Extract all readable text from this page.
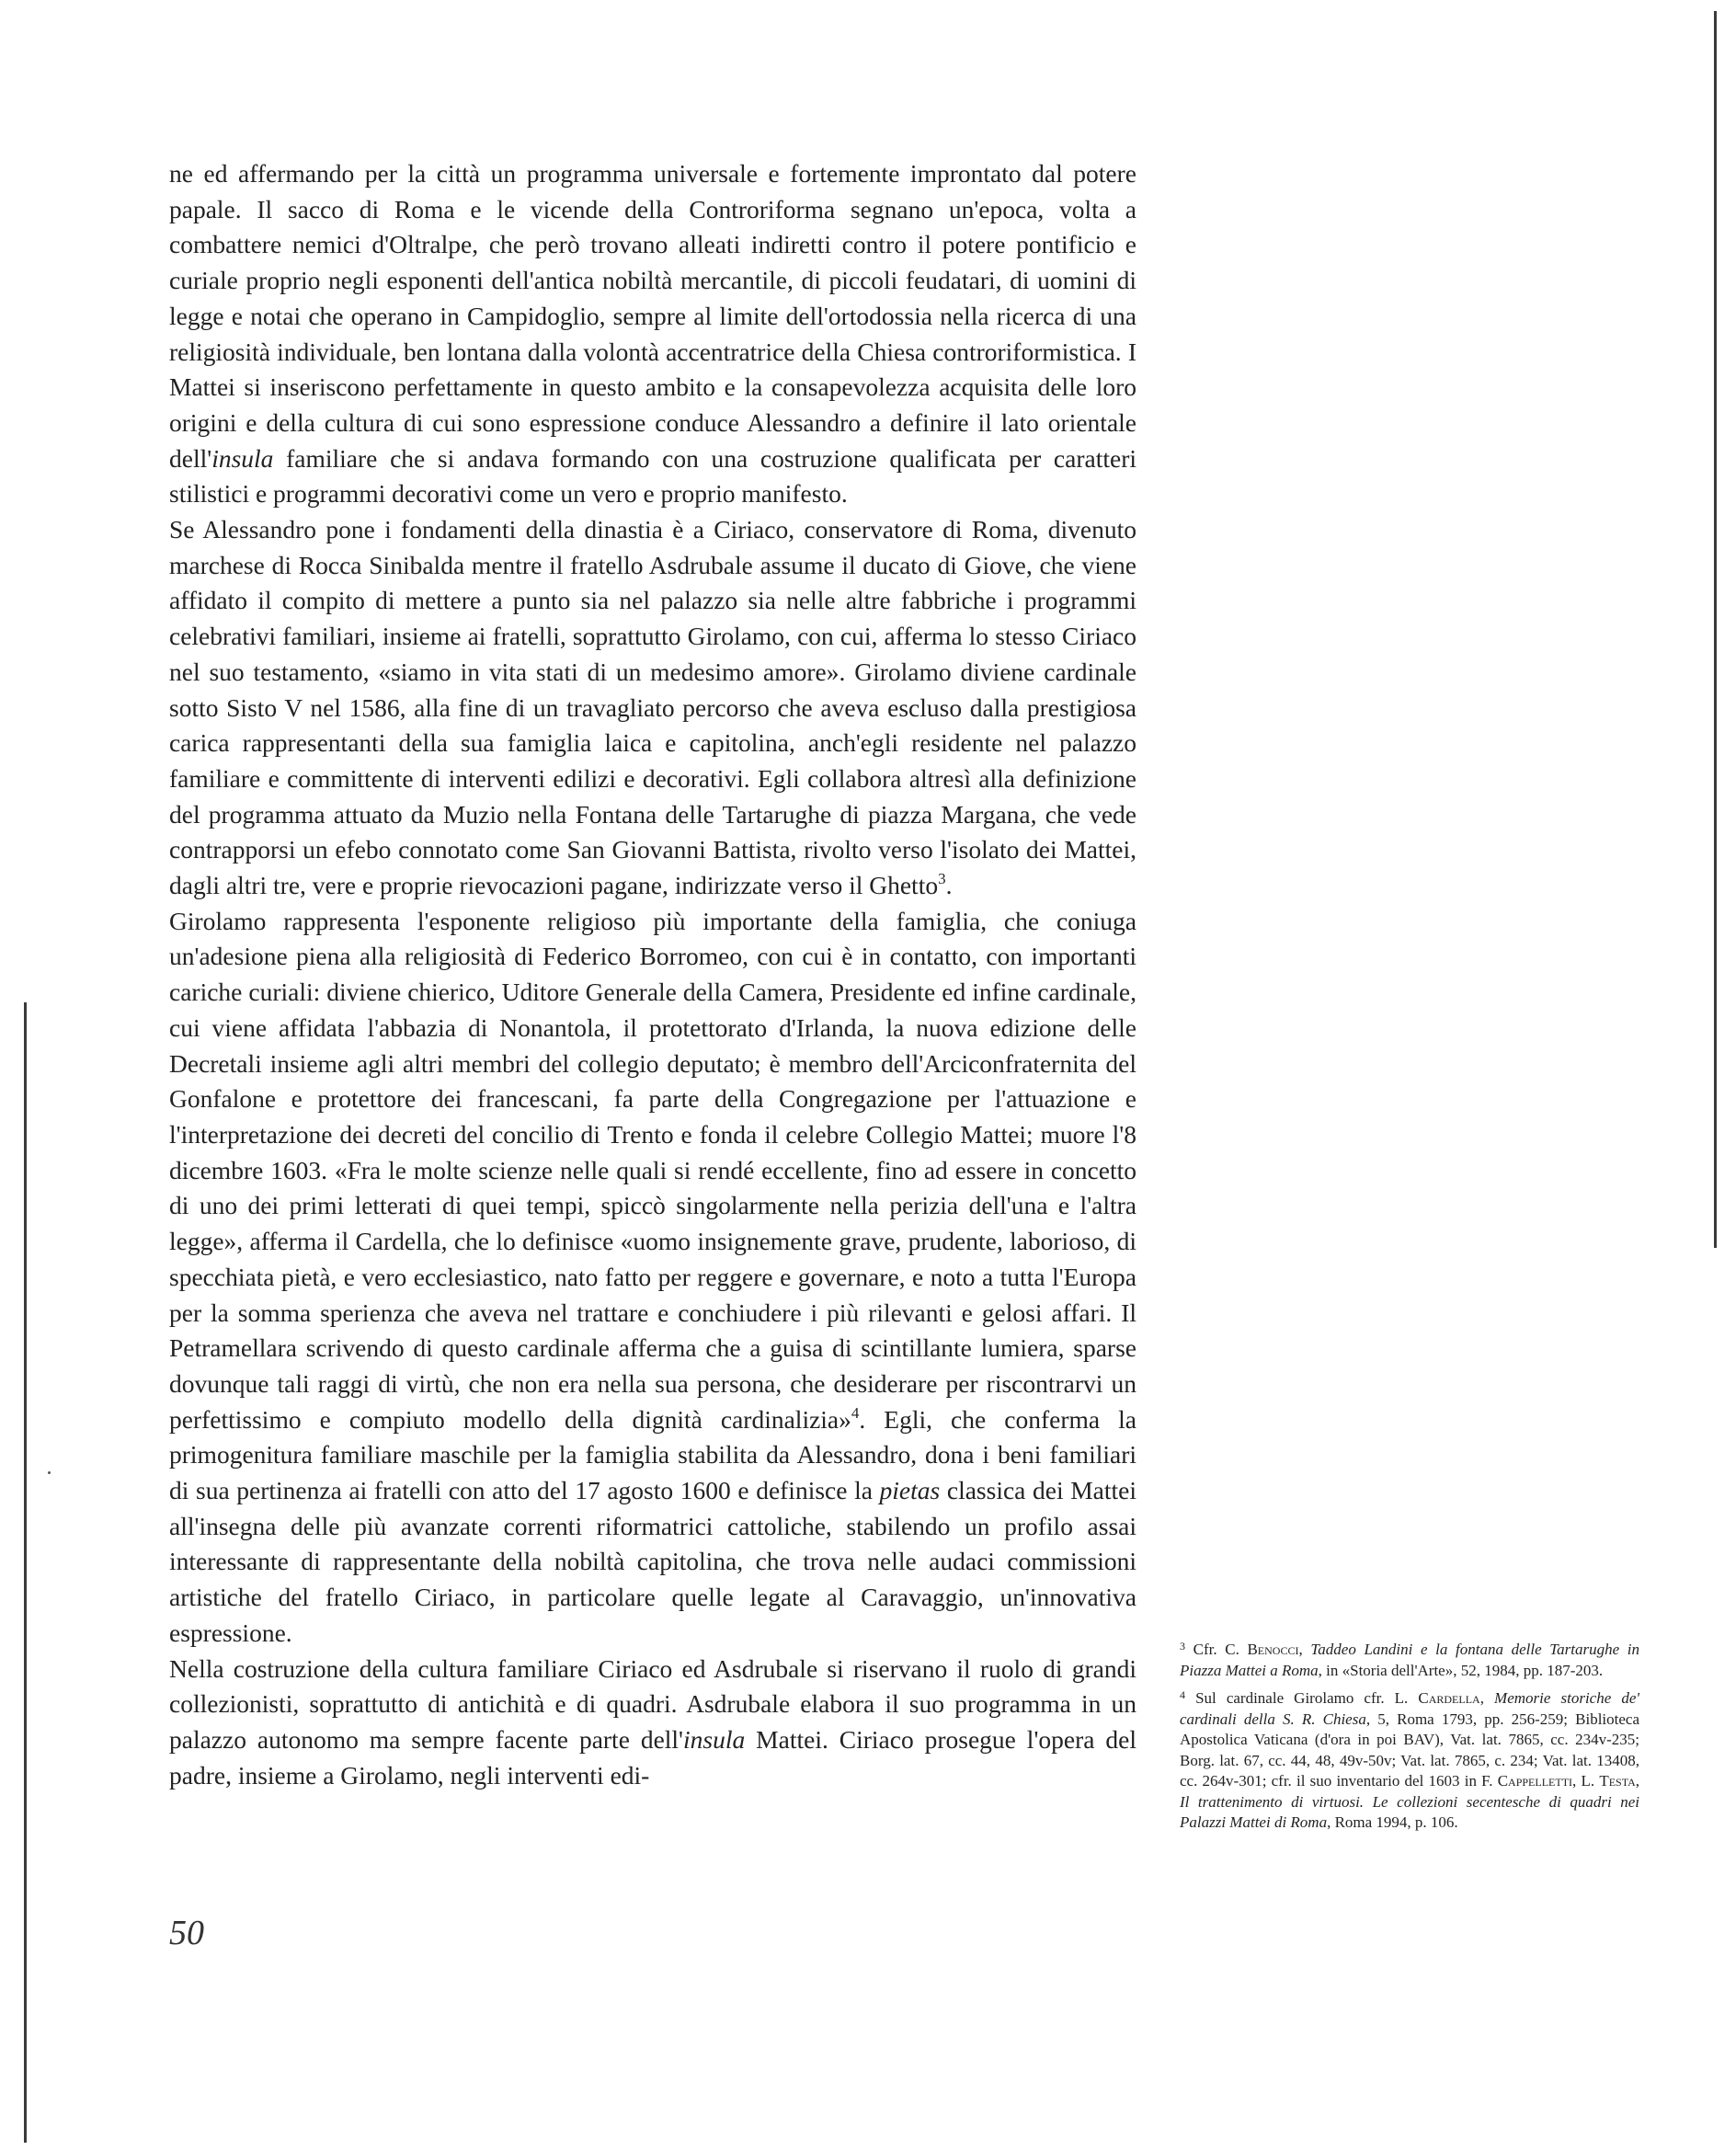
ne ed affermando per la città un programma universale e fortemente improntato dal potere papale. Il sacco di Roma e le vicende della Controriforma segnano un'epoca, volta a combattere nemici d'Oltralpe, che però trovano alleati indiretti contro il potere pontificio e curiale proprio negli esponenti dell'antica nobiltà mercantile, di piccoli feudatari, di uomini di legge e notai che operano in Campidoglio, sempre al limite dell'ortodossia nella ricerca di una religiosità individuale, ben lontana dalla volontà accentratrice della Chiesa controriformistica. I Mattei si inseriscono perfettamente in questo ambito e la consapevolezza acquisita delle loro origini e della cultura di cui sono espressione conduce Alessandro a definire il lato orientale dell'insula familiare che si andava formando con una costruzione qualificata per caratteri stilistici e programmi decorativi come un vero e proprio manifesto.

Se Alessandro pone i fondamenti della dinastia è a Ciriaco, conservatore di Roma, divenuto marchese di Rocca Sinibalda mentre il fratello Asdrubale assume il ducato di Giove, che viene affidato il compito di mettere a punto sia nel palazzo sia nelle altre fabbriche i programmi celebrativi familiari, insieme ai fratelli, soprattutto Girolamo, con cui, afferma lo stesso Ciriaco nel suo testamento, «siamo in vita stati di un medesimo amore». Girolamo diviene cardinale sotto Sisto V nel 1586, alla fine di un travagliato percorso che aveva escluso dalla prestigiosa carica rappresentanti della sua famiglia laica e capitolina, anch'egli residente nel palazzo familiare e committente di interventi edilizi e decorativi. Egli collabora altresì alla definizione del programma attuato da Muzio nella Fontana delle Tartarughe di piazza Margana, che vede contrapporsi un efebo connotato come San Giovanni Battista, rivolto verso l'isolato dei Mattei, dagli altri tre, vere e proprie rievocazioni pagane, indirizzate verso il Ghetto$^3$.

Girolamo rappresenta l'esponente religioso più importante della famiglia, che coniuga un'adesione piena alla religiosità di Federico Borromeo, con cui è in contatto, con importanti cariche curiali: diviene chierico, Uditore Generale della Camera, Presidente ed infine cardinale, cui viene affidata l'abbazia di Nonantola, il protettorato d'Irlanda, la nuova edizione delle Decretali insieme agli altri membri del collegio deputato; è membro dell'Arciconfraternita del Gonfalone e protettore dei francescani, fa parte della Congregazione per l'attuazione e l'interpretazione dei decreti del concilio di Trento e fonda il celebre Collegio Mattei; muore l'8 dicembre 1603. «Fra le molte scienze nelle quali si rendé eccellente, fino ad essere in concetto di uno dei primi letterati di quei tempi, spiccò singolarmente nella perizia dell'una e l'altra legge», afferma il Cardella, che lo definisce «uomo insignemente grave, prudente, laborioso, di specchiata pietà, e vero ecclesiastico, nato fatto per reggere e governare, e noto a tutta l'Europa per la somma sperienza che aveva nel trattare e conchiudere i più rilevanti e gelosi affari. Il Petramellara scrivendo di questo cardinale afferma che a guisa di scintillante lumiera, sparse dovunque tali raggi di virtù, che non era nella sua persona, che desiderare per riscontrarvi un perfettissimo e compiuto modello della dignità cardinalizia»$^4$. Egli, che conferma la primogenitura familiare maschile per la famiglia stabilita da Alessandro, dona i beni familiari di sua pertinenza ai fratelli con atto del 17 agosto 1600 e definisce la pietas classica dei Mattei all'insegna delle più avanzate correnti riformatrici cattoliche, stabilendo un profilo assai interessante di rappresentante della nobiltà capitolina, che trova nelle audaci commissioni artistiche del fratello Ciriaco, in particolare quelle legate al Caravaggio, un'innovativa espressione.

Nella costruzione della cultura familiare Ciriaco ed Asdrubale si riservano il ruolo di grandi collezionisti, soprattutto di antichità e di quadri. Asdrubale elabora il suo programma in un palazzo autonomo ma sempre facente parte dell'insula Mattei. Ciriaco prosegue l'opera del padre, insieme a Girolamo, negli interventi edi-

50

$^3$ Cfr. C. Benocci, Taddeo Landini e la fontana delle Tartarughe in Piazza Mattei a Roma, in «Storia dell'Arte», 52, 1984, pp. 187-203.

$^4$ Sul cardinale Girolamo cfr. L. Cardella, Memorie storiche de' cardinali della S. R. Chiesa, 5, Roma 1793, pp. 256-259; Biblioteca Apostolica Vaticana (d'ora in poi BAV), Vat. lat. 7865, cc. 234v-235; Borg. lat. 67, cc. 44, 48, 49v-50v; Vat. lat. 7865, c. 234; Vat. lat. 13408, cc. 264v-301; cfr. il suo inventario del 1603 in F. Cappelletti, L. Testa, Il trattenimento di virtuosi. Le collezioni secentesche di quadri nei Palazzi Mattei di Roma, Roma 1994, p. 106.
